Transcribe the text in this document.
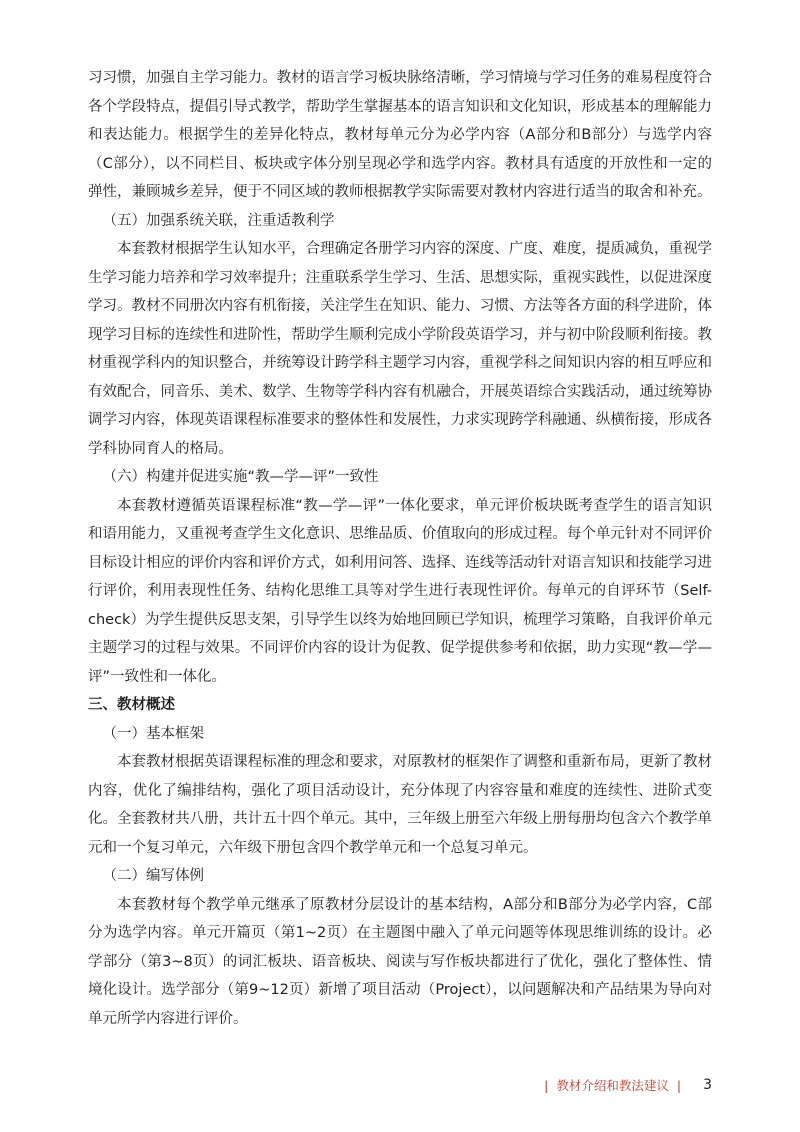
习习惯，加强自主学习能力。教材的语言学习板块脉络清晰，学习情境与学习任务的难易程度符合各个学段特点，提倡引导式教学，帮助学生掌握基本的语言知识和文化知识，形成基本的理解能力和表达能力。根据学生的差异化特点，教材每单元分为必学内容（A部分和B部分）与选学内容（C部分），以不同栏目、板块或字体分别呈现必学和选学内容。教材具有适度的开放性和一定的弹性，兼顾城乡差异，便于不同区域的教师根据教学实际需要对教材内容进行适当的取舍和补充。

（五）加强系统关联，注重适教利学

本套教材根据学生认知水平，合理确定各册学习内容的深度、广度、难度，提质减负，重视学生学习能力培养和学习效率提升；注重联系学生学习、生活、思想实际，重视实践性，以促进深度学习。教材不同册次内容有机衔接，关注学生在知识、能力、习惯、方法等各方面的科学进阶，体现学习目标的连续性和进阶性，帮助学生顺利完成小学阶段英语学习，并与初中阶段顺利衔接。教材重视学科内的知识整合，并统筹设计跨学科主题学习内容，重视学科之间知识内容的相互呼应和有效配合，同音乐、美术、数学、生物等学科内容有机融合，开展英语综合实践活动，通过统筹协调学习内容，体现英语课程标准要求的整体性和发展性，力求实现跨学科融通、纵横衔接，形成各学科协同育人的格局。

（六）构建并促进实施“教—学—评”一致性

本套教材遵循英语课程标准“教—学—评”一体化要求，单元评价板块既考查学生的语言知识和语用能力，又重视考查学生文化意识、思维品质、价值取向的形成过程。每个单元针对不同评价目标设计相应的评价内容和评价方式，如利用问答、选择、连线等活动针对语言知识和技能学习进行评价，利用表现性任务、结构化思维工具等对学生进行表现性评价。每单元的自评环节（Self-check）为学生提供反思支架，引导学生以终为始地回顾已学知识，梳理学习策略，自我评价单元主题学习的过程与效果。不同评价内容的设计为促教、促学提供参考和依据，助力实现“教—学—评”一致性和一体化。

三、教材概述

（一）基本框架

本套教材根据英语课程标准的理念和要求，对原教材的框架作了调整和重新布局，更新了教材内容，优化了编排结构，强化了项目活动设计，充分体现了内容容量和难度的连续性、进阶式变化。全套教材共八册，共计五十四个单元。其中，三年级上册至六年级上册每册均包含六个教学单元和一个复习单元，六年级下册包含四个教学单元和一个总复习单元。

（二）编写体例

本套教材每个教学单元继承了原教材分层设计的基本结构，A部分和B部分为必学内容，C部分为选学内容。单元开篇页（第1~2页）在主题图中融入了单元问题等体现思维训练的设计。必学部分（第3~8页）的词汇板块、语音板块、阅读与写作板块都进行了优化，强化了整体性、情境化设计。选学部分（第9~12页）新增了项目活动（Project），以问题解决和产品结果为导向对单元所学内容进行评价。

| 教材介绍和教法建议 | 3
